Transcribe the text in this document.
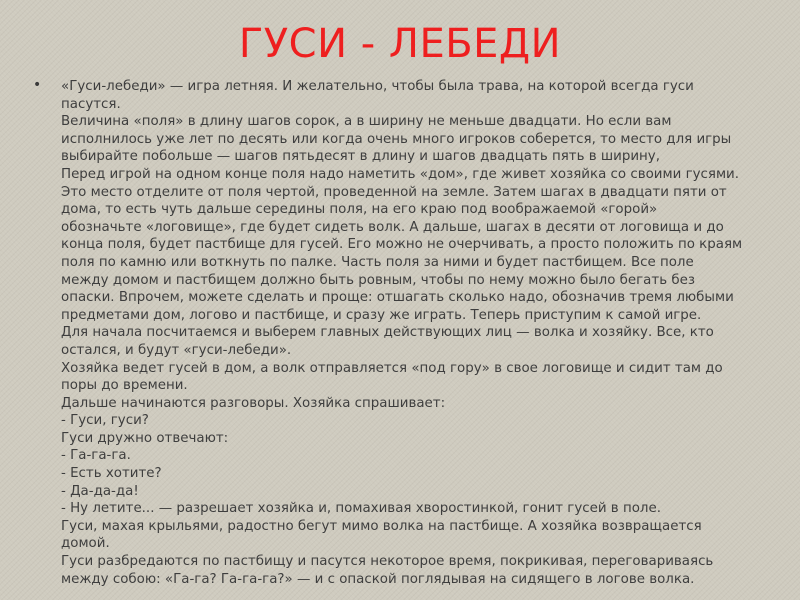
ГУСИ - ЛЕБЕДИ
• «Гуси-лебеди» — игра летняя. И желательно, чтобы была трава, на которой всегда гуси
пасутся.
Величина «поля» в длину шагов сорок, а в ширину не меньше двадцати. Но если вам
исполнилось уже лет по десять или когда очень много игроков соберется, то место для игры
выбирайте побольше — шагов пятьдесят в длину и шагов двадцать пять в ширину,
Перед игрой на одном конце поля надо наметить «дом», где живет хозяйка со своими гусями.
Это место отделите от поля чертой, проведенной на земле. Затем шагах в двадцати пяти от
дома, то есть чуть дальше середины поля, на его краю под воображаемой «горой»
обозначьте «логовище», где будет сидеть волк. А дальше, шагах в десяти от логовища и до
конца поля, будет пастбище для гусей. Его можно не очерчивать, а просто положить по краям
поля по камню или воткнуть по палке. Часть поля за ними и будет пастбищем. Все поле
между домом и пастбищем должно быть ровным, чтобы по нему можно было бегать без
опаски. Впрочем, можете сделать и проще: отшагать сколько надо, обозначив тремя любыми
предметами дом, логово и пастбище, и сразу же играть. Теперь приступим к самой игре.
Для начала посчитаемся и выберем главных действующих лиц — волка и хозяйку. Все, кто
остался, и будут «гуси-лебеди».
Хозяйка ведет гусей в дом, а волк отправляется «под гору» в свое логовище и сидит там до
поры до времени.
Дальше начинаются разговоры. Хозяйка спрашивает:
- Гуси, гуси?
Гуси дружно отвечают:
- Га-га-га.
- Есть хотите?
- Да-да-да!
- Ну летите... — разрешает хозяйка и, помахивая хворостинкой, гонит гусей в поле.
Гуси, махая крыльями, радостно бегут мимо волка на пастбище. А хозяйка возвращается
домой.
Гуси разбредаются по пастбищу и пасутся некоторое время, покрикивая, переговариваясь
между собою: «Га-га? Га-га-га?» — и с опаской поглядывая на сидящего в логове волка.
